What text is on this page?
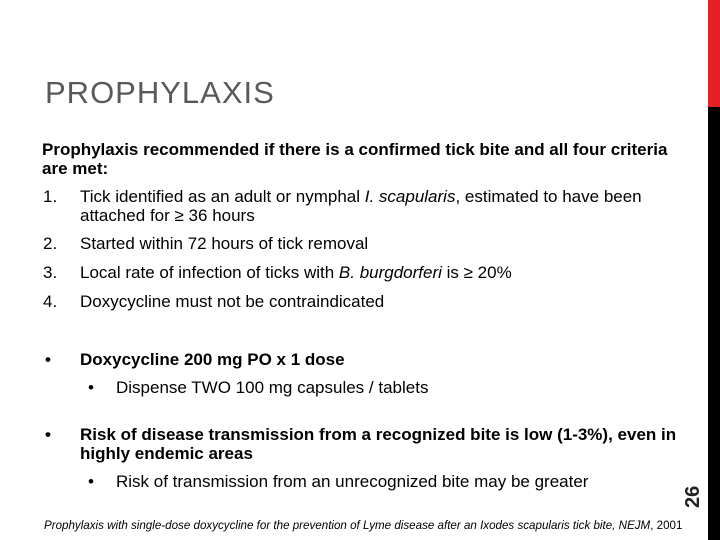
26
PROPHYLAXIS

Prophylaxis recommended if there is a confirmed tick bite and all four criteria are met:

1. Tick identified as an adult or nymphal I. scapularis, estimated to have been attached for ≥ 36 hours
2. Started within 72 hours of tick removal
3. Local rate of infection of ticks with B. burgdorferi is ≥ 20%
4. Doxycycline must not be contraindicated
• Doxycycline 200 mg PO x 1 dose
• Dispense TWO 100 mg capsules / tablets
• Risk of disease transmission from a recognized bite is low (1-3%), even in highly endemic areas
• Risk of transmission from an unrecognized bite may be greater
Prophylaxis with single-dose doxycycline for the prevention of Lyme disease after an Ixodes scapularis tick bite, NEJM, 2001
